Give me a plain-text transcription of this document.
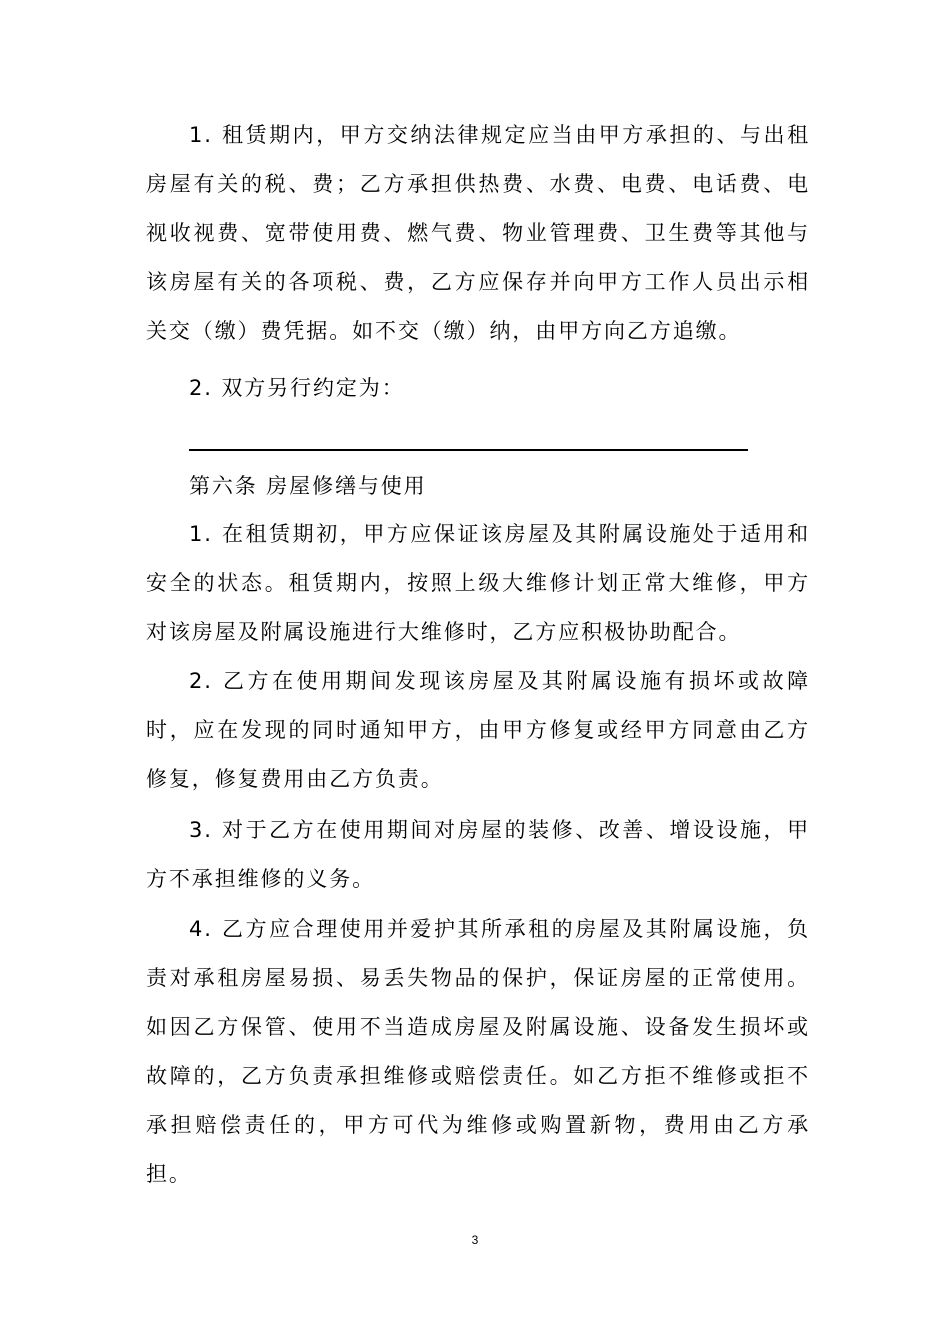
1. 租赁期内，甲方交纳法律规定应当由甲方承担的、与出租房屋有关的税、费；乙方承担供热费、水费、电费、电话费、电视收视费、宽带使用费、燃气费、物业管理费、卫生费等其他与该房屋有关的各项税、费，乙方应保存并向甲方工作人员出示相关交（缴）费凭据。如不交（缴）纳，由甲方向乙方追缴。

2. 双方另行约定为：

第六条 房屋修缮与使用

1. 在租赁期初，甲方应保证该房屋及其附属设施处于适用和安全的状态。租赁期内，按照上级大维修计划正常大维修，甲方对该房屋及附属设施进行大维修时，乙方应积极协助配合。

2. 乙方在使用期间发现该房屋及其附属设施有损坏或故障时，应在发现的同时通知甲方，由甲方修复或经甲方同意由乙方修复，修复费用由乙方负责。

3. 对于乙方在使用期间对房屋的装修、改善、增设设施，甲方不承担维修的义务。

4. 乙方应合理使用并爱护其所承租的房屋及其附属设施，负责对承租房屋易损、易丢失物品的保护，保证房屋的正常使用。如因乙方保管、使用不当造成房屋及附属设施、设备发生损坏或故障的，乙方负责承担维修或赔偿责任。如乙方拒不维修或拒不承担赔偿责任的，甲方可代为维修或购置新物，费用由乙方承担。

3
